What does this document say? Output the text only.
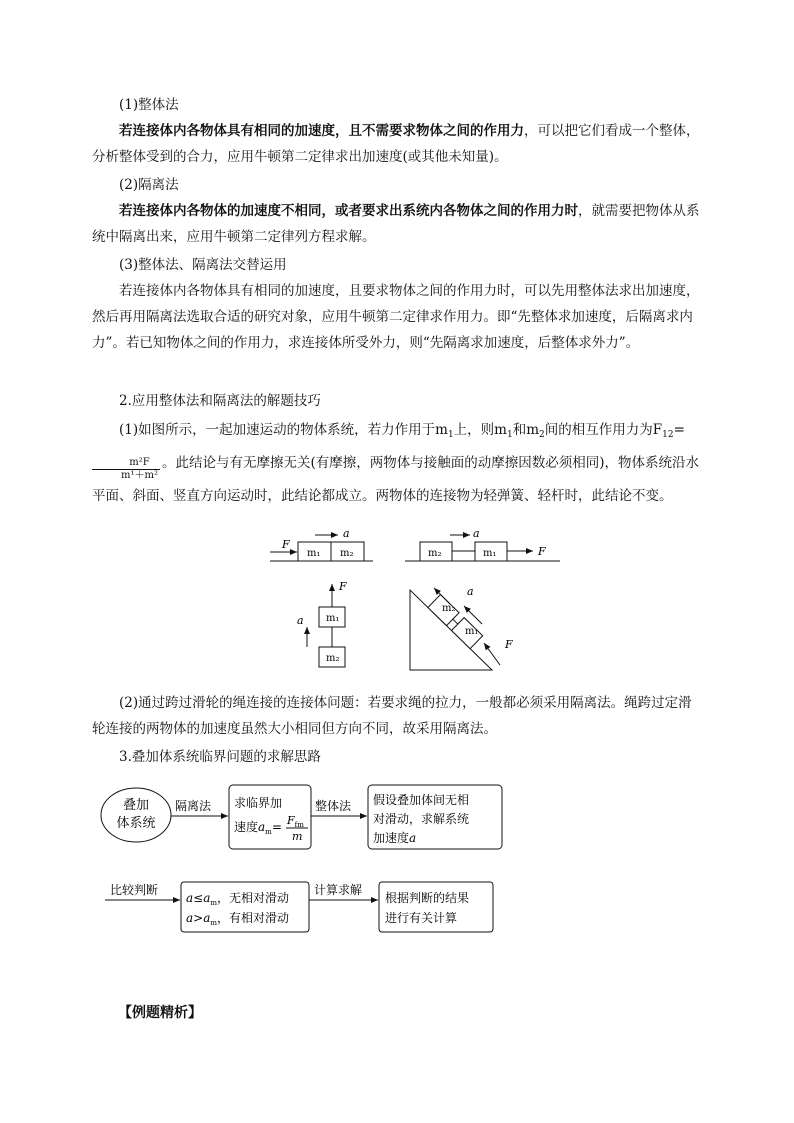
(1)整体法

若连接体内各物体具有相同的加速度，且不需要求物体之间的作用力，可以把它们看成一个整体，分析整体受到的合力，应用牛顿第二定律求出加速度(或其他未知量)。

(2)隔离法

若连接体内各物体的加速度不相同，或者要求出系统内各物体之间的作用力时，就需要把物体从系统中隔离出来，应用牛顿第二定律列方程求解。

(3)整体法、隔离法交替运用

若连接体内各物体具有相同的加速度，且要求物体之间的作用力时，可以先用整体法求出加速度，然后再用隔离法选取合适的研究对象，应用牛顿第二定律求作用力。即“先整体求加速度，后隔离求内力”。若已知物体之间的作用力，求连接体所受外力，则“先隔离求加速度，后整体求外力”。

2.应用整体法和隔离法的解题技巧

(1)如图所示，一起加速运动的物体系统，若力作用于$m_1$上，则$m_1$和$m_2$间的相互作用力为$F_{12}=$
$\frac{\text{m²F}}{\text{m¹＋m²}}$ 。此结论与有无摩擦无关(有摩擦，两物体与接触面的动摩擦因数必须相同)，物体系统沿水平面、斜面、竖直方向运动时，此结论都成立。两物体的连接物为轻弹簧、轻杆时，此结论不变。

F
a
m₁ m₂
a
F
m₂	m₁
F
a m₁
m₂
m₂
m₁
a
F

(2)通过跨过滑轮的绳连接的连接体问题：若要求绳的拉力，一般都必须采用隔离法。绳跨过定滑轮连接的两物体的加速度虽然大小相同但方向不同，故采用隔离法。

3.叠加体系统临界问题的求解思路

叠加
体系统
隔离法 求临界加
速度$a_m= F_{fm}$
m
整体法 假设叠加体间无相
对滑动，求解系统
加速度a
比较判断
$a\le a_m$，无相对滑动
$a>a_m$，有相对滑动
计算求解
根据判断的结果
进行有关计算

【例题精析】
